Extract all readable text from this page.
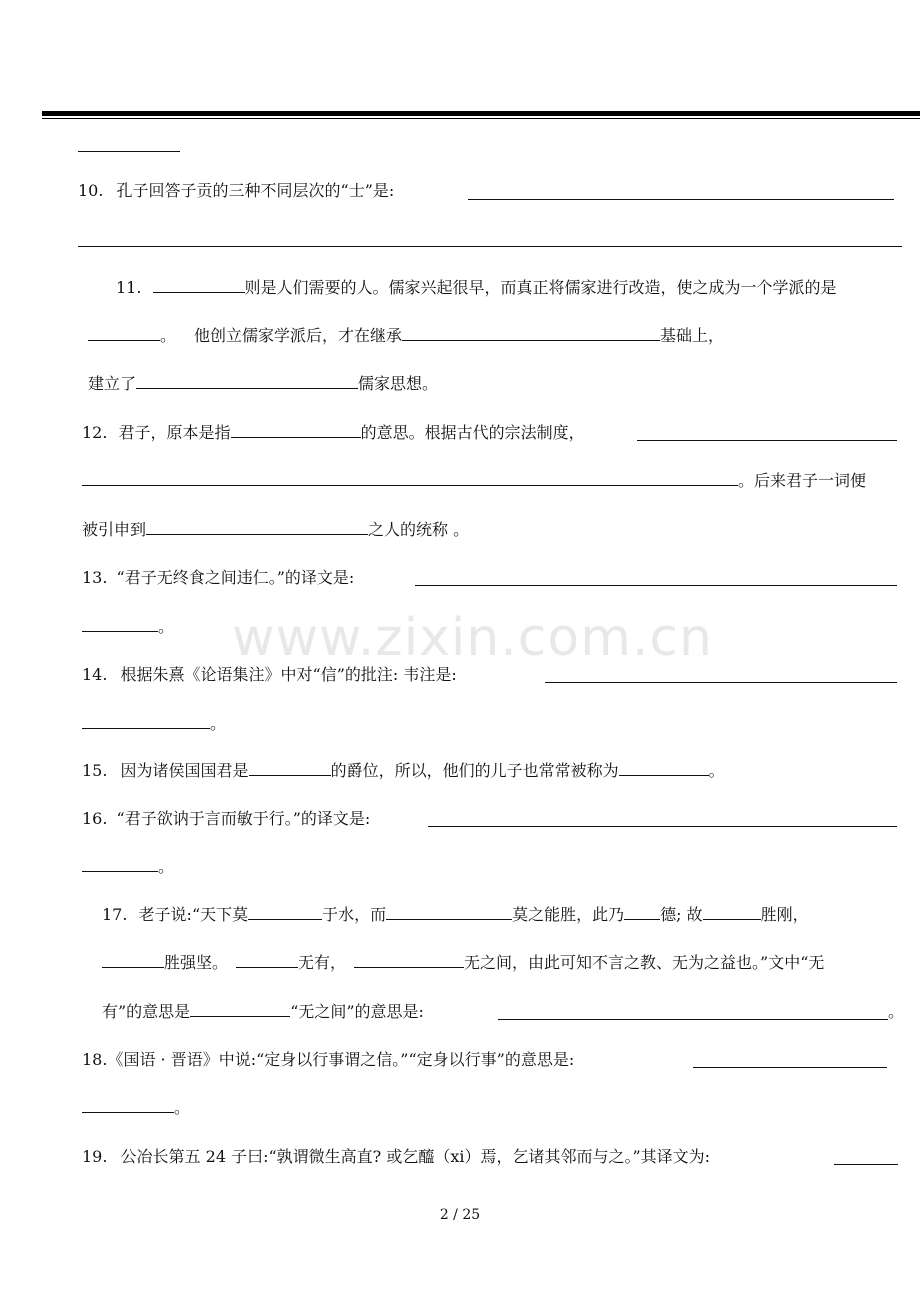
10. 孔子回答子贡的三种不同层次的“士”是:
11.	则是人们需要的人。儒家兴起很早，而真正将儒家进行改造，使之成为一个学派的是
。 他创立儒家学派后，才在继承	基础上，
建立了	儒家思想。
12. 君子，原本是指	的意思。根据古代的宗法制度，
。后来君子一词便
被引申到	之人的统称 。
13. “君子无终食之间违仁。”的译文是:
。
14. 根据朱熹《论语集注》中对“信”的批注: 韦注是:
。
15. 因为诸侯国国君是	的爵位，所以，他们的儿子也常常被称为	。
16. “君子欲讷于言而敏于行。”的译文是:
。
17. 老子说:“天下莫	于水，而	莫之能胜，此乃 德; 故	胜刚，
胜强坚。	无有，	无之间，由此可知不言之教、无为之益也。”文中“无
有”的意思是	“无之间”的意思是:	。
18.《国语 · 晋语》中说:“定身以行事谓之信。”“定身以行事”的意思是:
。
19. 公冶长第五 24 子曰:“孰谓微生高直? 或乞醯（xi）焉，乞诸其邻而与之。”其译文为:
www.zixin.com.cn
2 / 25
